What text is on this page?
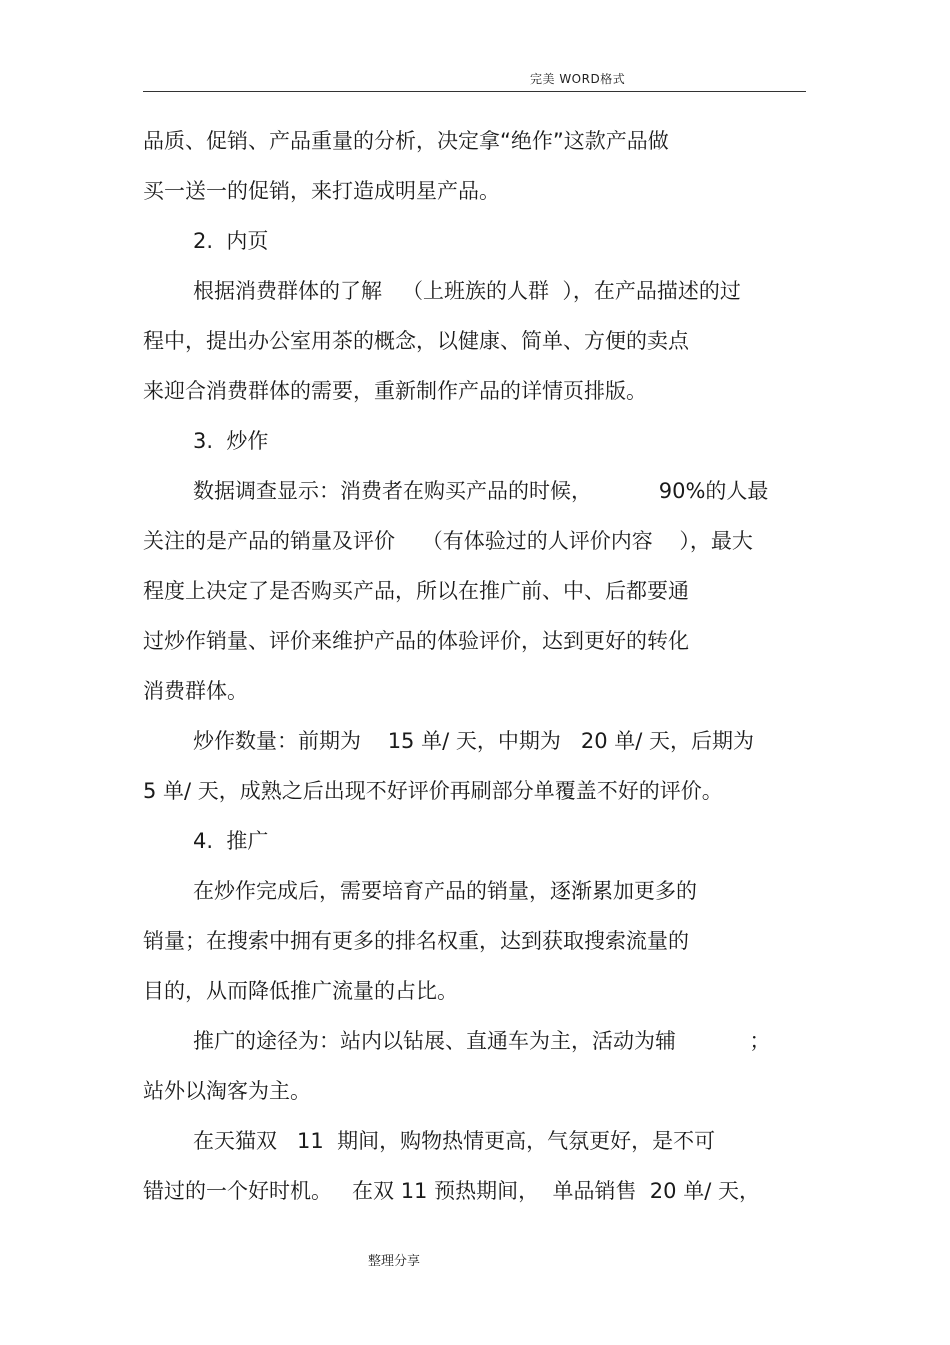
完美 WORD格式
品质、促销、产品重量的分析，决定拿“绝作”这款产品做
买一送一的促销，来打造成明星产品。
2.  内页
根据消费群体的了解   （上班族的人群  ），在产品描述的过
程中，提出办公室用茶的概念，以健康、简单、方便的卖点
来迎合消费群体的需要，重新制作产品的详情页排版。
3.  炒作
数据调查显示：消费者在购买产品的时候，          90%的人最
关注的是产品的销量及评价    （有体验过的人评价内容    ），最大
程度上决定了是否购买产品，所以在推广前、中、后都要通
过炒作销量、评价来维护产品的体验评价，达到更好的转化
消费群体。
炒作数量：前期为    15 单/ 天，中期为   20 单/ 天，后期为
5 单/ 天，成熟之后出现不好评价再刷部分单覆盖不好的评价。
4.  推广
在炒作完成后，需要培育产品的销量，逐渐累加更多的
销量；在搜索中拥有更多的排名权重，达到获取搜索流量的
目的，从而降低推广流量的占比。
推广的途径为：站内以钻展、直通车为主，活动为辅           ；
站外以淘客为主。
在天猫双   11  期间，购物热情更高，气氛更好，是不可
错过的一个好时机。   在双 11 预热期间，  单品销售  20 单/ 天，
整理分享
